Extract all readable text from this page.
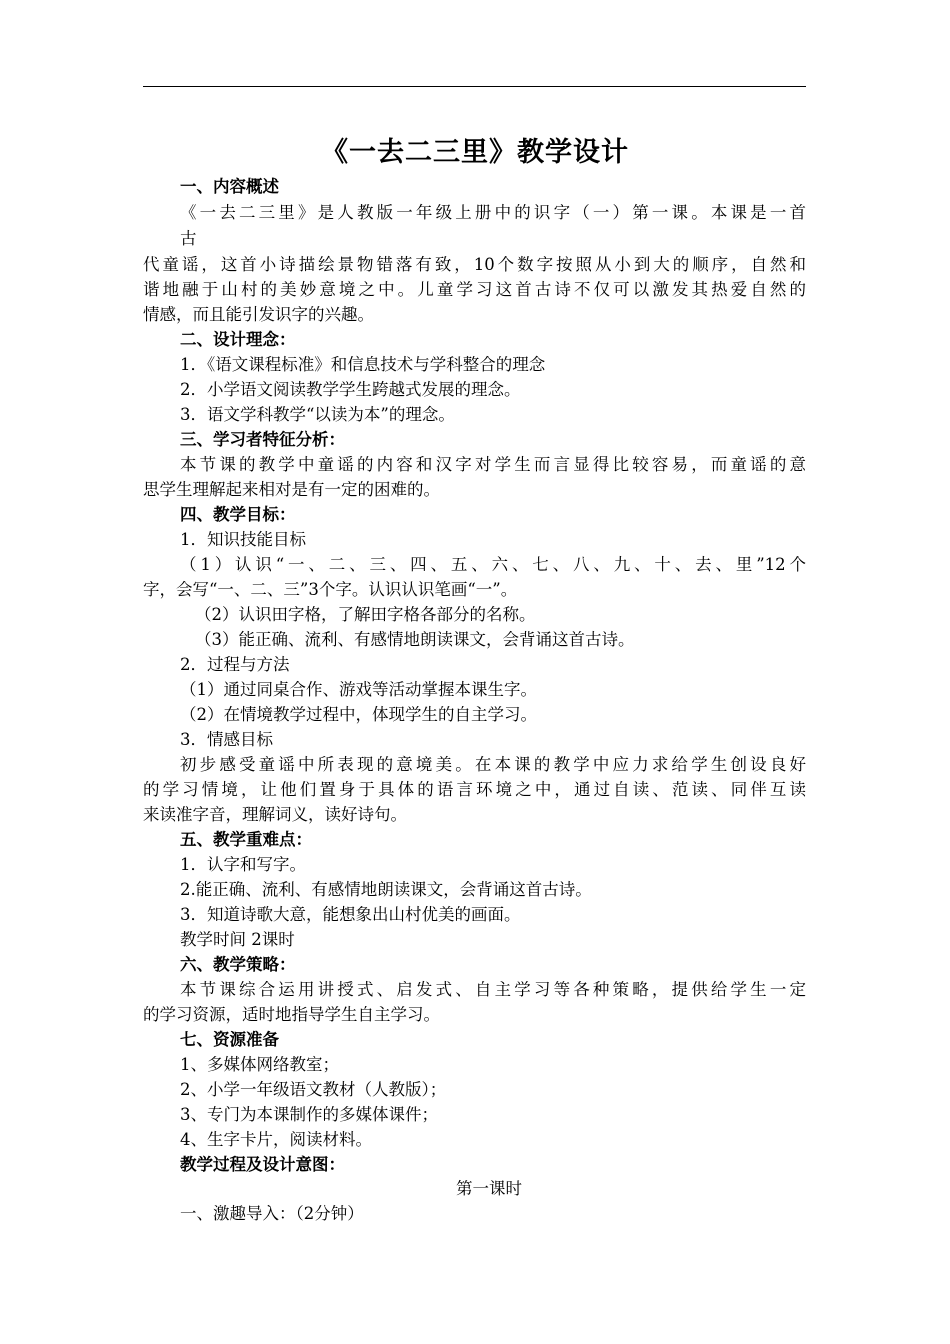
《一去二三里》教学设计
一、内容概述
《一去二三里》是人教版一年级上册中的识字（一）第一课。本课是一首
古
代童谣，这首小诗描绘景物错落有致，10个数字按照从小到大的顺序，自然和
谐地融于山村的美妙意境之中。儿童学习这首古诗不仅可以激发其热爱自然的
情感，而且能引发识字的兴趣。
二、设计理念：
1．《语文课程标准》和信息技术与学科整合的理念
2．小学语文阅读教学学生跨越式发展的理念。
3．语文学科教学“以读为本”的理念。
三、学习者特征分析：
本节课的教学中童谣的内容和汉字对学生而言显得比较容易，而童谣的意
思学生理解起来相对是有一定的困难的。
四、教学目标：
1．知识技能目标
（1）认识“一、二、三、四、五、六、七、八、九、十、去、里”12个
字，会写“一、二、三”3个字。认识认识笔画“一”。
（2）认识田字格，了解田字格各部分的名称。
（3）能正确、流利、有感情地朗读课文，会背诵这首古诗。
2．过程与方法
（1）通过同桌合作、游戏等活动掌握本课生字。
（2）在情境教学过程中，体现学生的自主学习。
3．情感目标
初步感受童谣中所表现的意境美。在本课的教学中应力求给学生创设良好
的学习情境，让他们置身于具体的语言环境之中，通过自读、范读、同伴互读
来读准字音，理解词义，读好诗句。
五、教学重难点：
1．认字和写字。
2.能正确、流利、有感情地朗读课文，会背诵这首古诗。
3．知道诗歌大意，能想象出山村优美的画面。
教学时间 2课时
六、教学策略：
本节课综合运用讲授式、启发式、自主学习等各种策略，提供给学生一定
的学习资源，适时地指导学生自主学习。
七、资源准备
1、多媒体网络教室；
2、小学一年级语文教材（人教版）；
3、专门为本课制作的多媒体课件；
4、生字卡片，阅读材料。
教学过程及设计意图：
第一课时
一、激趣导入：（2分钟）
